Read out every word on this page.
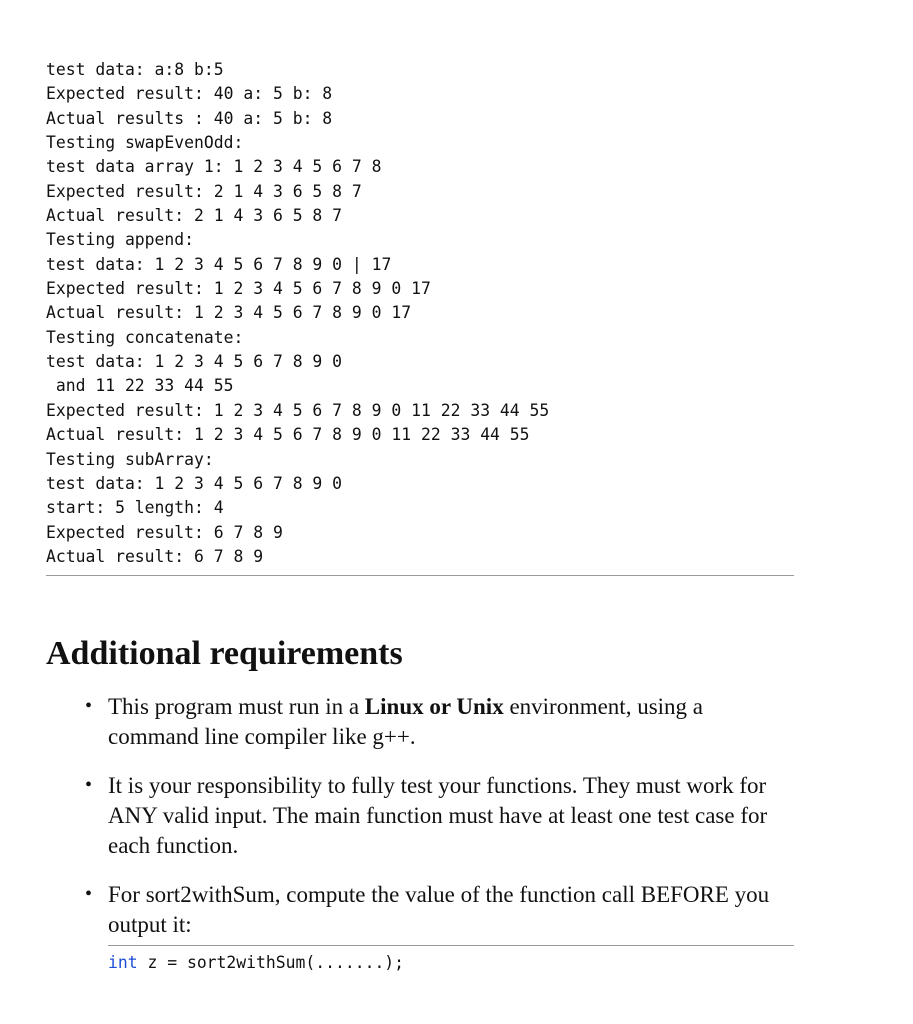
test data: a:8 b:5
Expected result: 40 a: 5 b: 8
Actual results : 40 a: 5 b: 8
Testing swapEvenOdd:
test data array 1: 1 2 3 4 5 6 7 8
Expected result: 2 1 4 3 6 5 8 7
Actual result: 2 1 4 3 6 5 8 7
Testing append:
test data: 1 2 3 4 5 6 7 8 9 0 | 17
Expected result: 1 2 3 4 5 6 7 8 9 0 17
Actual result: 1 2 3 4 5 6 7 8 9 0 17
Testing concatenate:
test data: 1 2 3 4 5 6 7 8 9 0
and 11 22 33 44 55
Expected result: 1 2 3 4 5 6 7 8 9 0 11 22 33 44 55
Actual result: 1 2 3 4 5 6 7 8 9 0 11 22 33 44 55
Testing subArray:
test data: 1 2 3 4 5 6 7 8 9 0
start: 5 length: 4
Expected result: 6 7 8 9
Actual result: 6 7 8 9
Additional requirements
• This program must run in a Linux or Unix environment, using a command line compiler like g++.
• It is your responsibility to fully test your functions. They must work for ANY valid input. The main function must have at least one test case for each function.
• For sort2withSum, compute the value of the function call BEFORE you output it:
int z = sort2withSum(.......);
